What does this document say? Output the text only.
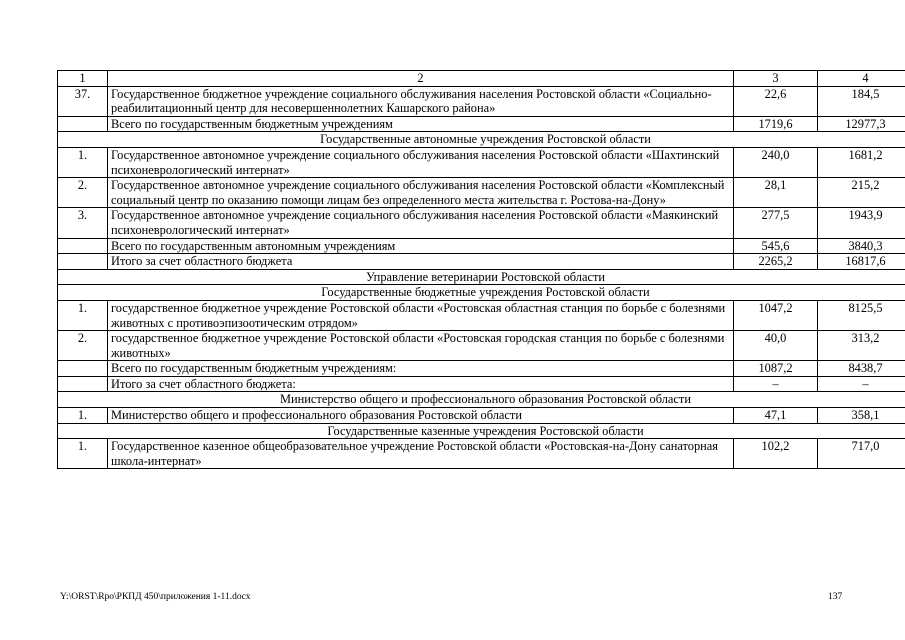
1	2	3	4
37.	Государственное бюджетное учреждение социального обслуживания населения Ростовской области «Социально-реабилитационный центр для несовершеннолетних Кашарского района»	22,6	184,5
	Всего по государственным бюджетным учреждениям	1719,6	12977,3
Государственные автономные учреждения Ростовской области			
1.	Государственное автономное учреждение социального обслуживания населения Ростовской области «Шахтинский психоневрологический интернат»	240,0	1681,2
2.	Государственное автономное учреждение социального обслуживания населения Ростовской области «Комплексный социальный центр по оказанию помощи лицам без определенного места жительства г. Ростова-на-Дону»	28,1	215,2
3.	Государственное автономное учреждение социального обслуживания населения Ростовской области «Маякинский психоневрологический интернат»	277,5	1943,9
	Всего по государственным автономным учреждениям	545,6	3840,3
	Итого за счет областного бюджета	2265,2	16817,6
Управление ветеринарии Ростовской области			
Государственные бюджетные учреждения Ростовской области			
1.	государственное бюджетное учреждение Ростовской области «Ростовская областная станция по борьбе с болезнями животных с противоэпизоотическим отрядом»	1047,2	8125,5
2.	государственное бюджетное учреждение Ростовской области «Ростовская городская станция по борьбе с болезнями животных»	40,0	313,2
	Всего по государственным бюджетным учреждениям:	1087,2	8438,7
	Итого за счет областного бюджета:	–	–
Министерство общего и профессионального образования Ростовской области			
1.	Министерство общего и профессионального образования Ростовской области	47,1	358,1
Государственные казенные учреждения Ростовской области			
1.	Государственное казенное общеобразовательное учреждение Ростовской области «Ростовская-на-Дону санаторная школа-интернат»	102,2	717,0
Y:\ORST\Rpo\РКПД 450\приложения 1-11.docx	137
